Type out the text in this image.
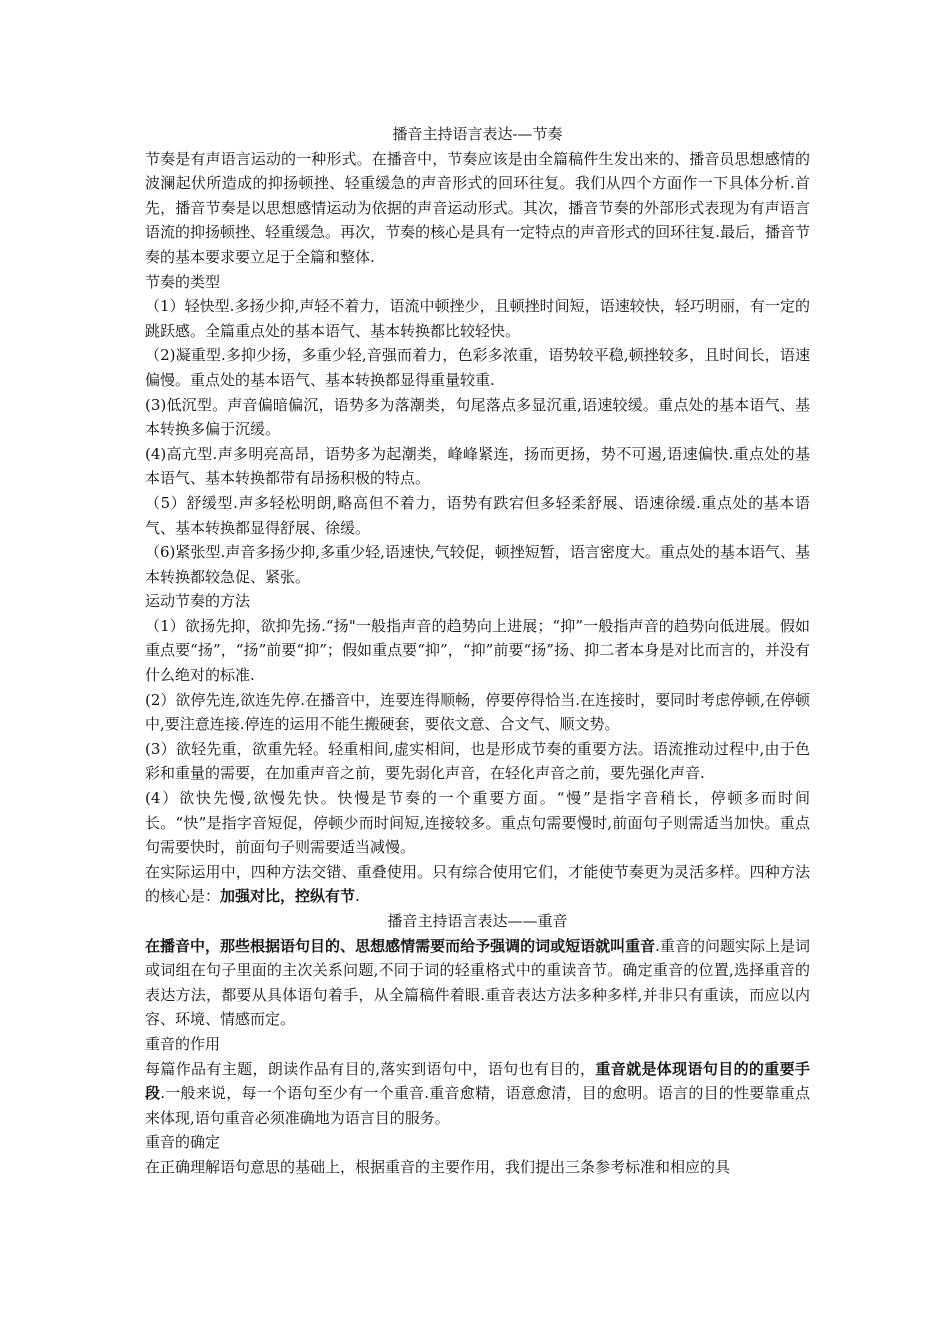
播音主持语言表达-—节奏

节奏是有声语言运动的一种形式。在播音中，节奏应该是由全篇稿件生发出来的、播音员思想感情的波澜起伏所造成的抑扬顿挫、轻重缓急的声音形式的回环往复。我们从四个方面作一下具体分析.首先，播音节奏是以思想感情运动为依据的声音运动形式。其次，播音节奏的外部形式表现为有声语言语流的抑扬顿挫、轻重缓急。再次，节奏的核心是具有一定特点的声音形式的回环往复.最后，播音节奏的基本要求要立足于全篇和整体.

节奏的类型

（1）轻快型.多扬少抑,声轻不着力，语流中顿挫少，且顿挫时间短，语速较快，轻巧明丽，有一定的跳跃感。全篇重点处的基本语气、基本转换都比较轻快。

（2)凝重型.多抑少扬，多重少轻,音强而着力，色彩多浓重，语势较平稳,顿挫较多，且时间长，语速偏慢。重点处的基本语气、基本转换都显得重量较重.

(3)低沉型。声音偏暗偏沉，语势多为落潮类，句尾落点多显沉重,语速较缓。重点处的基本语气、基本转换多偏于沉缓。

(4)高亢型.声多明亮高昂，语势多为起潮类，峰峰紧连，扬而更扬，势不可遏,语速偏快.重点处的基本语气、基本转换都带有昂扬积极的特点。

（5）舒缓型.声多轻松明朗,略高但不着力，语势有跌宕但多轻柔舒展、语速徐缓.重点处的基本语气、基本转换都显得舒展、徐缓。

（6)紧张型.声音多扬少抑,多重少轻,语速快,气较促，顿挫短暂，语言密度大。重点处的基本语气、基本转换都较急促、紧张。

运动节奏的方法

（1）欲扬先抑，欲抑先扬.“扬"一般指声音的趋势向上进展；“抑”一般指声音的趋势向低进展。假如重点要“扬”，“扬”前要“抑”；假如重点要“抑”，“抑”前要“扬”扬、抑二者本身是对比而言的，并没有什么绝对的标准.

(2）欲停先连,欲连先停.在播音中，连要连得顺畅，停要停得恰当.在连接时，要同时考虑停顿,在停顿中,要注意连接.停连的运用不能生搬硬套，要依文意、合文气、顺文势。

(3）欲轻先重，欲重先轻。轻重相间,虚实相间，也是形成节奏的重要方法。语流推动过程中,由于色彩和重量的需要，在加重声音之前，要先弱化声音，在轻化声音之前，要先强化声音.

(4）欲快先慢,欲慢先快。快慢是节奏的一个重要方面。“慢”是指字音稍长，停顿多而时间长。“快”是指字音短促，停顿少而时间短,连接较多。重点句需要慢时,前面句子则需适当加快。重点句需要快时，前面句子则需要适当减慢。

在实际运用中，四种方法交错、重叠使用。只有综合使用它们，才能使节奏更为灵活多样。四种方法的核心是：加强对比，控纵有节.

播音主持语言表达——重音

在播音中，那些根据语句目的、思想感情需要而给予强调的词或短语就叫重音.重音的问题实际上是词或词组在句子里面的主次关系问题,不同于词的轻重格式中的重读音节。确定重音的位置,选择重音的表达方法，都要从具体语句着手，从全篇稿件着眼.重音表达方法多种多样,并非只有重读，而应以内容、环境、情感而定。

重音的作用

每篇作品有主题，朗读作品有目的,落实到语句中，语句也有目的，重音就是体现语句目的的重要手段.一般来说，每一个语句至少有一个重音.重音愈精，语意愈清，目的愈明。语言的目的性要靠重点来体现,语句重音必须准确地为语言目的服务。

重音的确定

在正确理解语句意思的基础上，根据重音的主要作用，我们提出三条参考标准和相应的具
